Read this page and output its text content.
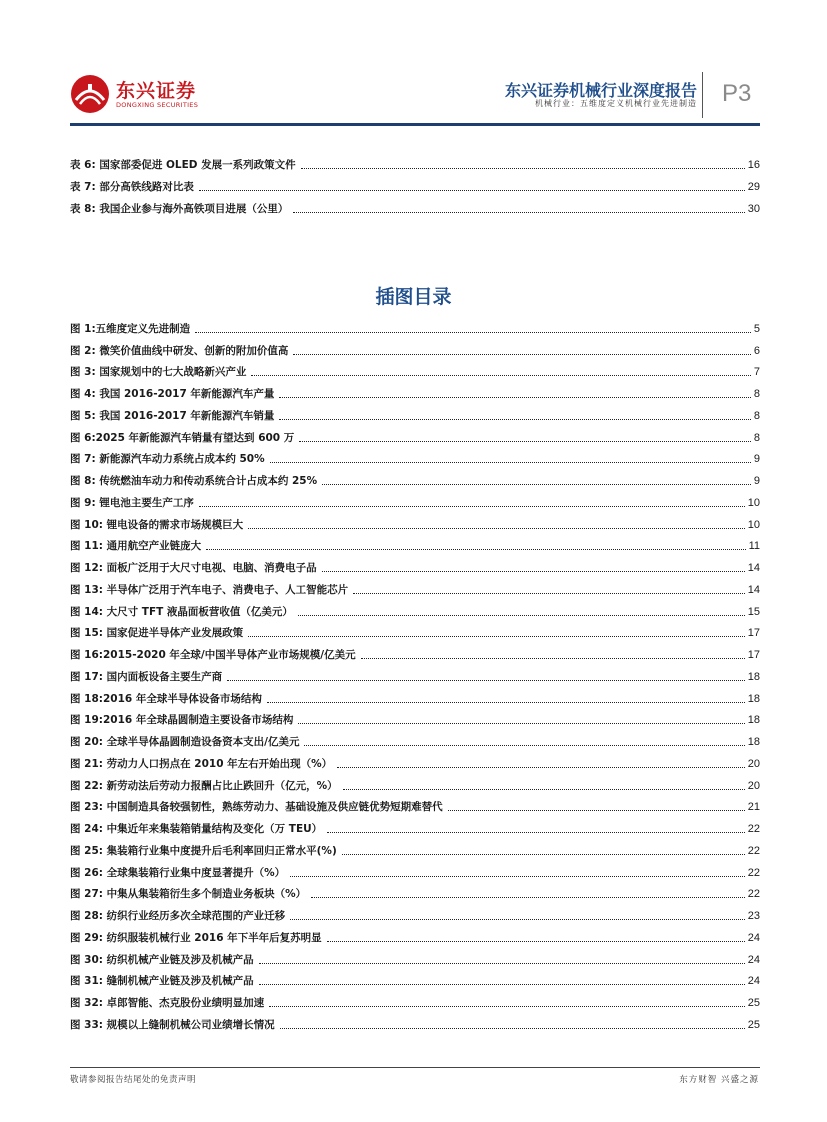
东兴证券
DONGXING SECURITIES
东兴证券机械行业深度报告
机械行业：五维度定义机械行业先进制造 P3
表 6: 国家部委促进 OLED 发展一系列政策文件	16
表 7: 部分高铁线路对比表	29
表 8: 我国企业参与海外高铁项目进展（公里）	30
插图目录
图 1:五维度定义先进制造	5
图 2: 微笑价值曲线中研发、创新的附加价值高	6
图 3: 国家规划中的七大战略新兴产业	7
图 4: 我国 2016-2017 年新能源汽车产量	8
图 5: 我国 2016-2017 年新能源汽车销量	8
图 6:2025 年新能源汽车销量有望达到 600 万	8
图 7: 新能源汽车动力系统占成本约 50%	9
图 8: 传统燃油车动力和传动系统合计占成本约 25%	9
图 9: 锂电池主要生产工序	10
图 10: 锂电设备的需求市场规模巨大	10
图 11: 通用航空产业链庞大	11
图 12: 面板广泛用于大尺寸电视、电脑、消费电子品	14
图 13: 半导体广泛用于汽车电子、消费电子、人工智能芯片	14
图 14: 大尺寸 TFT 液晶面板营收值（亿美元）	15
图 15: 国家促进半导体产业发展政策	17
图 16:2015-2020 年全球/中国半导体产业市场规模/亿美元	17
图 17: 国内面板设备主要生产商	18
图 18:2016 年全球半导体设备市场结构	18
图 19:2016 年全球晶圆制造主要设备市场结构	18
图 20: 全球半导体晶圆制造设备资本支出/亿美元	18
图 21: 劳动力人口拐点在 2010 年左右开始出现（%）	20
图 22: 新劳动法后劳动力报酬占比止跌回升（亿元，%）	20
图 23: 中国制造具备较强韧性，熟练劳动力、基础设施及供应链优势短期难替代	21
图 24: 中集近年来集装箱销量结构及变化（万 TEU）	22
图 25: 集装箱行业集中度提升后毛利率回归正常水平(%)	22
图 26: 全球集装箱行业集中度显著提升（%）	22
图 27: 中集从集装箱衍生多个制造业务板块（%）	22
图 28: 纺织行业经历多次全球范围的产业迁移	23
图 29: 纺织服装机械行业 2016 年下半年后复苏明显	24
图 30: 纺织机械产业链及涉及机械产品	24
图 31: 缝制机械产业链及涉及机械产品	24
图 32: 卓郎智能、杰克股份业绩明显加速	25
图 33: 规模以上缝制机械公司业绩增长情况	25
敬请参阅报告结尾处的免责声明	东方财智 兴盛之源
